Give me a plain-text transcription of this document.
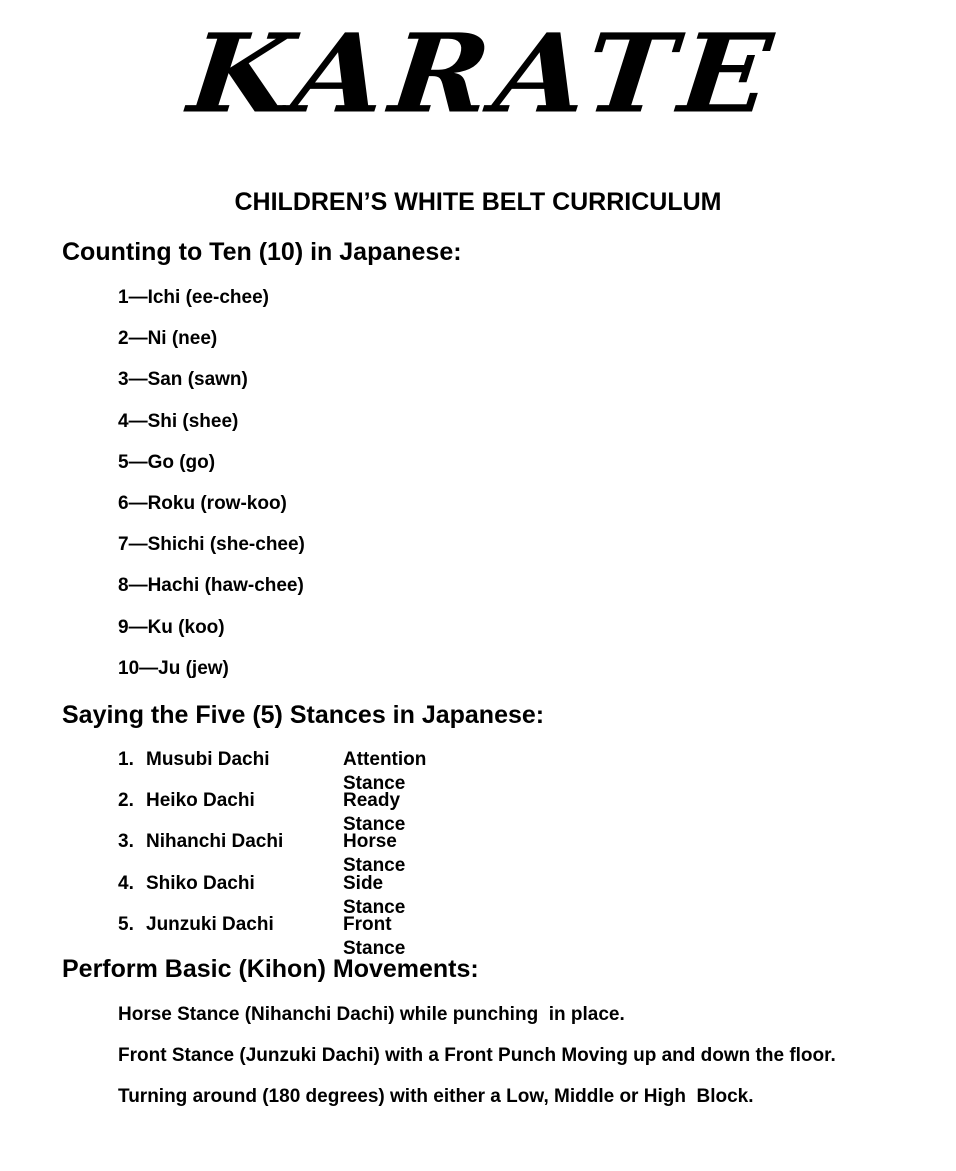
KARATE
CHILDREN’S WHITE BELT CURRICULUM
Counting to Ten (10) in Japanese:
1—Ichi (ee-chee)
2—Ni (nee)
3—San (sawn)
4—Shi (shee)
5—Go (go)
6—Roku (row-koo)
7—Shichi (she-chee)
8—Hachi (haw-chee)
9—Ku (koo)
10—Ju (jew)
Saying the Five (5) Stances in Japanese:
1. Musubi Dachi	Attention Stance
2. Heiko Dachi	Ready Stance
3. Nihanchi Dachi	Horse Stance
4. Shiko Dachi	Side Stance
5. Junzuki Dachi	Front Stance
Perform Basic (Kihon) Movements:
Horse Stance (Nihanchi Dachi) while punching  in place.
Front Stance (Junzuki Dachi) with a Front Punch Moving up and down the floor.
Turning around (180 degrees) with either a Low, Middle or High  Block.
